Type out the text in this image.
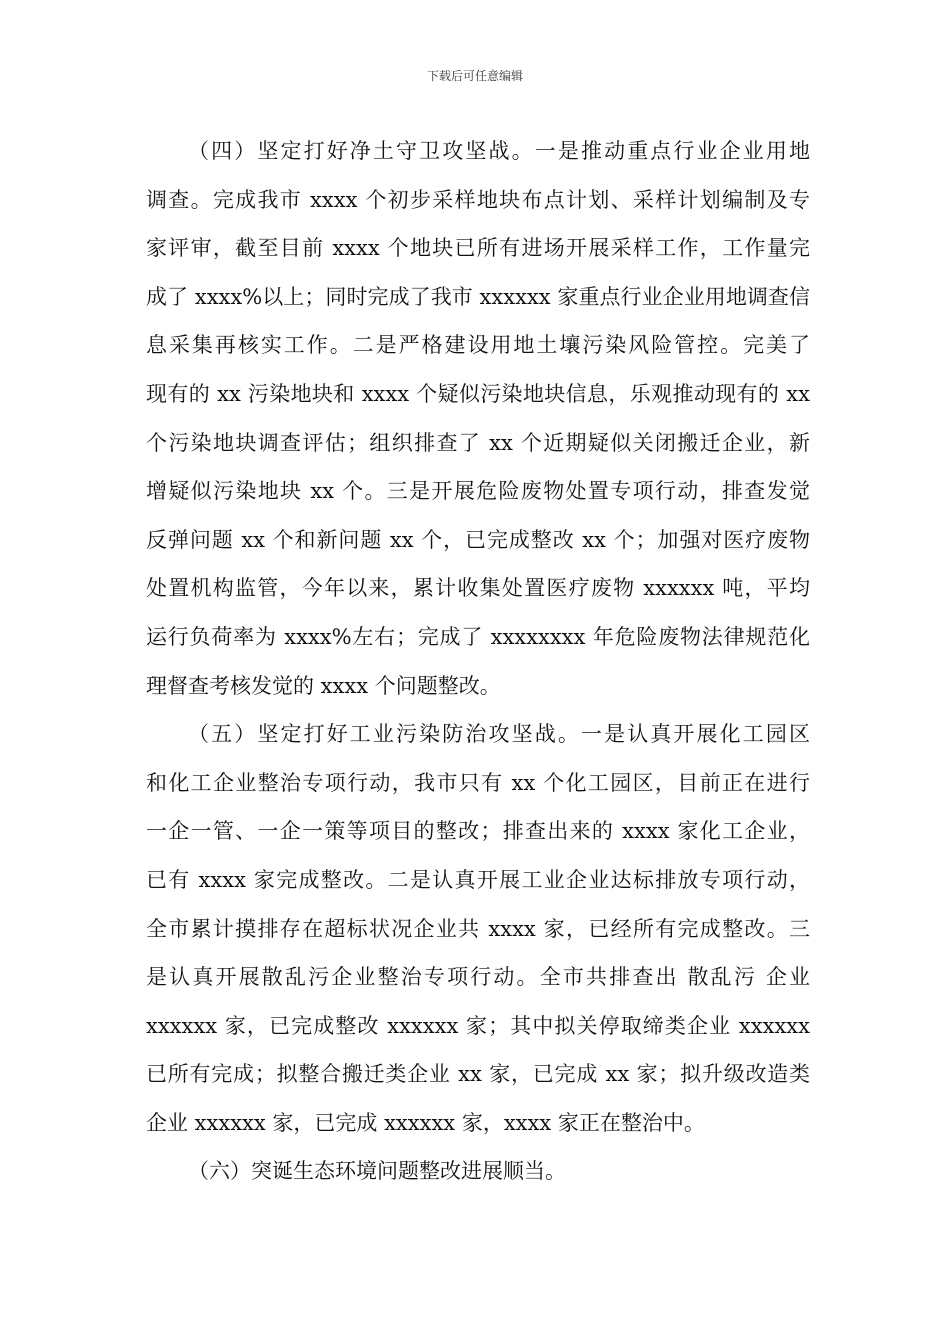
下载后可任意编辑
（四）坚定打好净土守卫攻坚战。一是推动重点行业企业用地
调查。完成我市 xxxx 个初步采样地块布点计划、采样计划编制及专
家评审，截至目前 xxxx 个地块已所有进场开展采样工作，工作量完
成了 xxxx%以上；同时完成了我市 xxxxxx 家重点行业企业用地调查信
息采集再核实工作。二是严格建设用地土壤污染风险管控。完美了
现有的 xx 污染地块和 xxxx 个疑似污染地块信息，乐观推动现有的 xx
个污染地块调查评估；组织排查了 xx 个近期疑似关闭搬迁企业，新
增疑似污染地块 xx 个。三是开展危险废物处置专项行动，排查发觉
反弹问题 xx 个和新问题 xx 个，已完成整改 xx 个；加强对医疗废物
处置机构监管，今年以来，累计收集处置医疗废物 xxxxxx 吨，平均
运行负荷率为 xxxx%左右；完成了 xxxxxxxx 年危险废物法律规范化
理督查考核发觉的 xxxx 个问题整改。
（五）坚定打好工业污染防治攻坚战。一是认真开展化工园区
和化工企业整治专项行动，我市只有 xx 个化工园区，目前正在进行
一企一管、一企一策等项目的整改；排查出来的 xxxx 家化工企业，
已有 xxxx 家完成整改。二是认真开展工业企业达标排放专项行动，
全市累计摸排存在超标状况企业共 xxxx 家，已经所有完成整改。三
是认真开展散乱污企业整治专项行动。全市共排查出 散乱污 企业
xxxxxx 家，已完成整改 xxxxxx 家；其中拟关停取缔类企业 xxxxxx
已所有完成；拟整合搬迁类企业 xx 家，已完成 xx 家；拟升级改造类
企业 xxxxxx 家，已完成 xxxxxx 家，xxxx 家正在整治中。
（六）突诞生态环境问题整改进展顺当。
